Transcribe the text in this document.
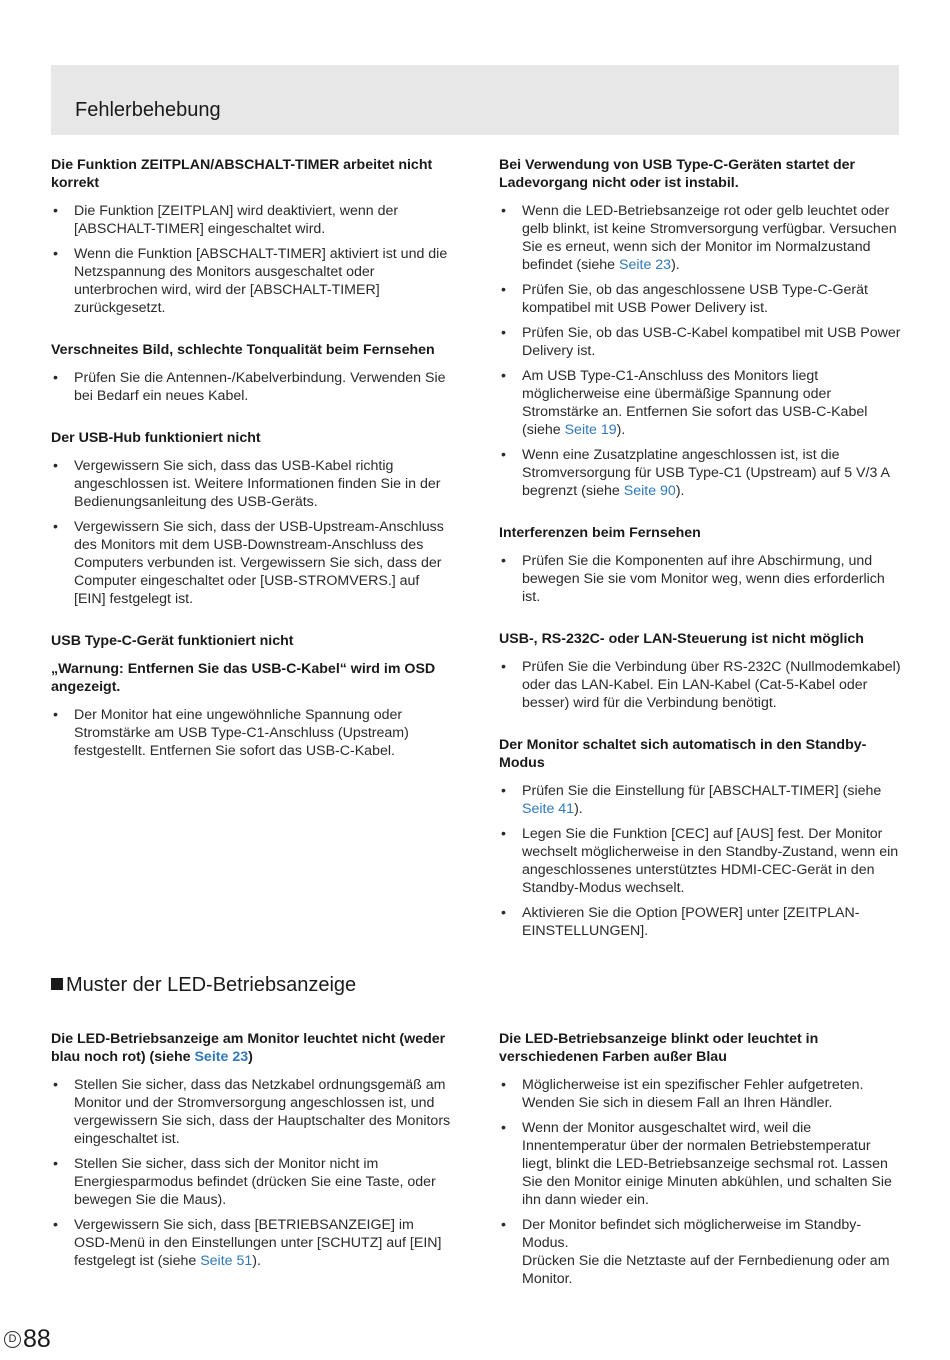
Fehlerbehebung
Die Funktion ZEITPLAN/ABSCHALT-TIMER arbeitet nicht korrekt
• Die Funktion [ZEITPLAN] wird deaktiviert, wenn der [ABSCHALT-TIMER] eingeschaltet wird.
• Wenn die Funktion [ABSCHALT-TIMER] aktiviert ist und die Netzspannung des Monitors ausgeschaltet oder unterbrochen wird, wird der [ABSCHALT-TIMER] zurückgesetzt.
Verschneites Bild, schlechte Tonqualität beim Fernsehen
• Prüfen Sie die Antennen-/Kabelverbindung. Verwenden Sie bei Bedarf ein neues Kabel.
Der USB-Hub funktioniert nicht
• Vergewissern Sie sich, dass das USB-Kabel richtig angeschlossen ist. Weitere Informationen finden Sie in der Bedienungsanleitung des USB-Geräts.
• Vergewissern Sie sich, dass der USB-Upstream-Anschluss des Monitors mit dem USB-Downstream-Anschluss des Computers verbunden ist. Vergewissern Sie sich, dass der Computer eingeschaltet oder [USB-STROMVERS.] auf [EIN] festgelegt ist.
USB Type-C-Gerät funktioniert nicht
„Warnung: Entfernen Sie das USB-C-Kabel“ wird im OSD angezeigt.
• Der Monitor hat eine ungewöhnliche Spannung oder Stromstärke am USB Type-C1-Anschluss (Upstream) festgestellt. Entfernen Sie sofort das USB-C-Kabel.
Bei Verwendung von USB Type-C-Geräten startet der Ladevorgang nicht oder ist instabil.
• Wenn die LED-Betriebsanzeige rot oder gelb leuchtet oder gelb blinkt, ist keine Stromversorgung verfügbar. Versuchen Sie es erneut, wenn sich der Monitor im Normalzustand befindet (siehe Seite 23).
• Prüfen Sie, ob das angeschlossene USB Type-C-Gerät kompatibel mit USB Power Delivery ist.
• Prüfen Sie, ob das USB-C-Kabel kompatibel mit USB Power Delivery ist.
• Am USB Type-C1-Anschluss des Monitors liegt möglicherweise eine übermäßige Spannung oder Stromstärke an. Entfernen Sie sofort das USB-C-Kabel (siehe Seite 19).
• Wenn eine Zusatzplatine angeschlossen ist, ist die Stromversorgung für USB Type-C1 (Upstream) auf 5 V/3 A begrenzt (siehe Seite 90).
Interferenzen beim Fernsehen
• Prüfen Sie die Komponenten auf ihre Abschirmung, und bewegen Sie sie vom Monitor weg, wenn dies erforderlich ist.
USB-, RS-232C- oder LAN-Steuerung ist nicht möglich
• Prüfen Sie die Verbindung über RS-232C (Nullmodemkabel) oder das LAN-Kabel. Ein LAN-Kabel (Cat-5-Kabel oder besser) wird für die Verbindung benötigt.
Der Monitor schaltet sich automatisch in den Standby-Modus
• Prüfen Sie die Einstellung für [ABSCHALT-TIMER] (siehe Seite 41).
• Legen Sie die Funktion [CEC] auf [AUS] fest. Der Monitor wechselt möglicherweise in den Standby-Zustand, wenn ein angeschlossenes unterstütztes HDMI-CEC-Gerät in den Standby-Modus wechselt.
• Aktivieren Sie die Option [POWER] unter [ZEITPLAN-EINSTELLUNGEN].
Muster der LED-Betriebsanzeige
Die LED-Betriebsanzeige am Monitor leuchtet nicht (weder blau noch rot) (siehe Seite 23)
• Stellen Sie sicher, dass das Netzkabel ordnungsgemäß am Monitor und der Stromversorgung angeschlossen ist, und vergewissern Sie sich, dass der Hauptschalter des Monitors eingeschaltet ist.
• Stellen Sie sicher, dass sich der Monitor nicht im Energiesparmodus befindet (drücken Sie eine Taste, oder bewegen Sie die Maus).
• Vergewissern Sie sich, dass [BETRIEBSANZEIGE] im OSD-Menü in den Einstellungen unter [SCHUTZ] auf [EIN] festgelegt ist (siehe Seite 51).
Die LED-Betriebsanzeige blinkt oder leuchtet in verschiedenen Farben außer Blau
• Möglicherweise ist ein spezifischer Fehler aufgetreten. Wenden Sie sich in diesem Fall an Ihren Händler.
• Wenn der Monitor ausgeschaltet wird, weil die Innentemperatur über der normalen Betriebstemperatur liegt, blinkt die LED-Betriebsanzeige sechsmal rot. Lassen Sie den Monitor einige Minuten abkühlen, und schalten Sie ihn dann wieder ein.
• Der Monitor befindet sich möglicherweise im Standby-Modus.
Drücken Sie die Netztaste auf der Fernbedienung oder am Monitor.
D 88
